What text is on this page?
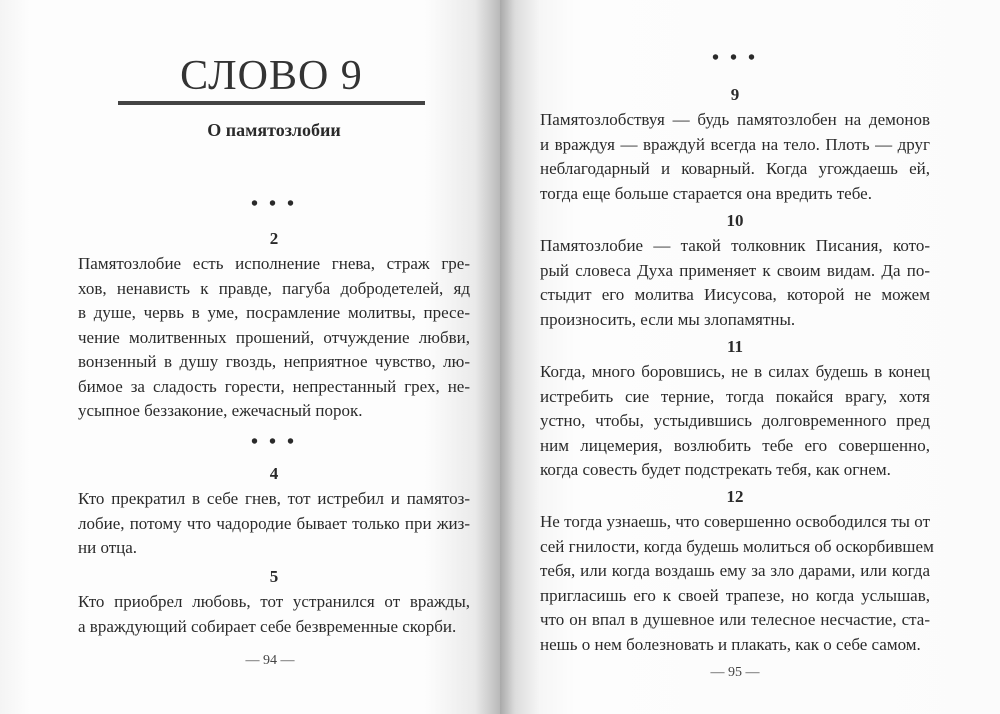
СЛОВО 9
О памятозлобии
• • •
2
Памятозлобие есть исполнение гнева, страж гре-
хов, ненависть к правде, пагуба добродетелей, яд
в душе, червь в уме, посрамление молитвы, пресе-
чение молитвенных прошений, отчуждение любви,
вонзенный в душу гвоздь, неприятное чувство, лю-
бимое за сладость горести, непрестанный грех, не-
усыпное беззаконие, ежечасный порок.
• • •
4
Кто прекратил в себе гнев, тот истребил и памятоз-
лобие, потому что чадородие бывает только при жиз-
ни отца.
5
Кто приобрел любовь, тот устранился от вражды,
а враждующий собирает себе безвременные скорби.
— 94 —
• • •
9
Памятозлобствуя — будь памятозлобен на демонов
и враждуя — враждуй всегда на тело. Плоть — друг
неблагодарный и коварный. Когда угождаешь ей,
тогда еще больше старается она вредить тебе.
10
Памятозлобие — такой толковник Писания, кото-
рый словеса Духа применяет к своим видам. Да по-
стыдит его молитва Иисусова, которой не можем
произносить, если мы злопамятны.
11
Когда, много боровшись, не в силах будешь в конец
истребить сие терние, тогда покайся врагу, хотя
устно, чтобы, устыдившись долговременного пред
ним лицемерия, возлюбить тебе его совершенно,
когда совесть будет подстрекать тебя, как огнем.
12
Не тогда узнаешь, что совершенно освободился ты от
сей гнилости, когда будешь молиться об оскорбившем
тебя, или когда воздашь ему за зло дарами, или когда
пригласишь его к своей трапезе, но когда услышав,
что он впал в душевное или телесное несчастие, ста-
нешь о нем болезновать и плакать, как о себе самом.
— 95 —
